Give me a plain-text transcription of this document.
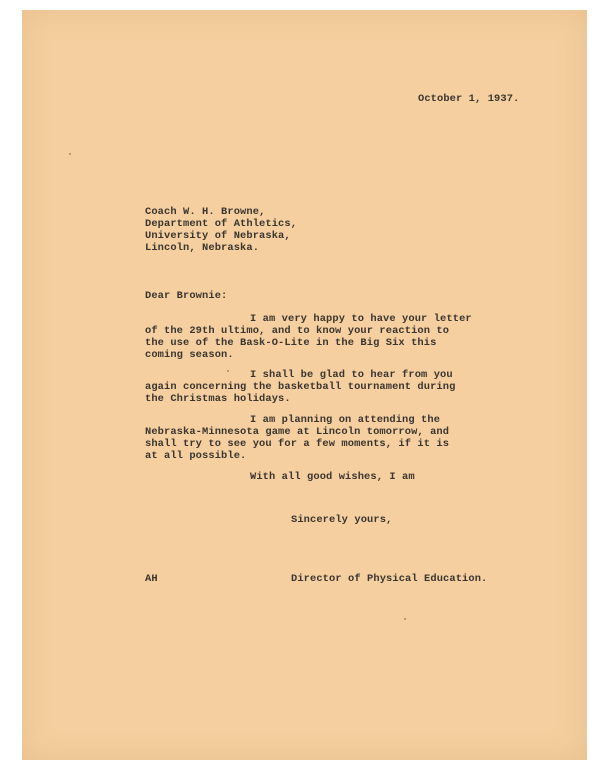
October 1, 1937.
Coach W. H. Browne,
Department of Athletics,
University of Nebraska,
Lincoln, Nebraska.
Dear Brownie:
I am very happy to have your letter
of the 29th ultimo, and to know your reaction to
the use of the Bask-O-Lite in the Big Six this
coming season.
I shall be glad to hear from you
again concerning the basketball tournament during
the Christmas holidays.
I am planning on attending the
Nebraska-Minnesota game at Lincoln tomorrow, and
shall try to see you for a few moments, if it is
at all possible.
With all good wishes, I am
Sincerely yours,
AH	Director of Physical Education.
